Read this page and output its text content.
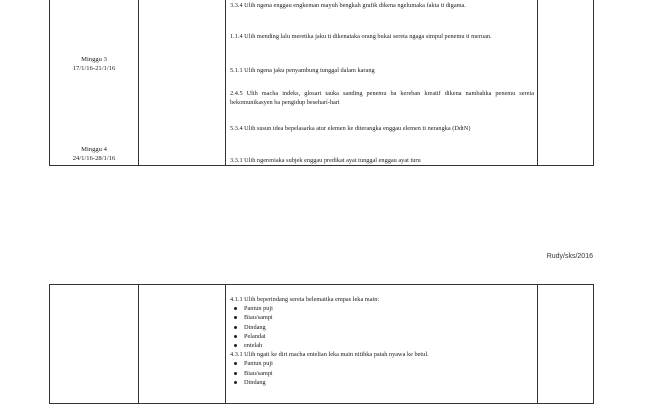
Minggu 3
17/1/16-21/1/16
Minggu 4
24/1/16-28/1/16
3.3.4 Ulih ngena enggau engkeman mayuh bengkah grafik dikena ngelumaka fakta ti digama.
1.1.4 Ulih mending lalu meretika jaku ti dikenataka orang bukai sereta ngaga simpul penemu ti meruan.
5.1.1 Ulih ngena jaku penyambung tunggal dalam karang
2.4.5 Ulih macha indeks, glosari tauka sanding penemu ba kereban kreatif dikena nambahka penemu sereta bekomunikasyen ba pengidup beseharí-hari
5.3.4 Ulih susun idea bepelasarka atur elemen ke diterangka enggau elemen ti nerangka (DdtN)
3.3.1 Ulih ngereniaka subjek enggau predikat ayat tunggal enggau ayat turu
Rudy/sks/2016
4.1.1 Ulih beperindang sereta belematika empas leka main:
Pantun puji
Biau/sampi
Dindang
Pelandai
entelah
4.3.1 Ulih ngati ke diri macha entelian leka main nitihka patah nyawa ke betul.
Pantun puji
Biau/sampi
Dindang
